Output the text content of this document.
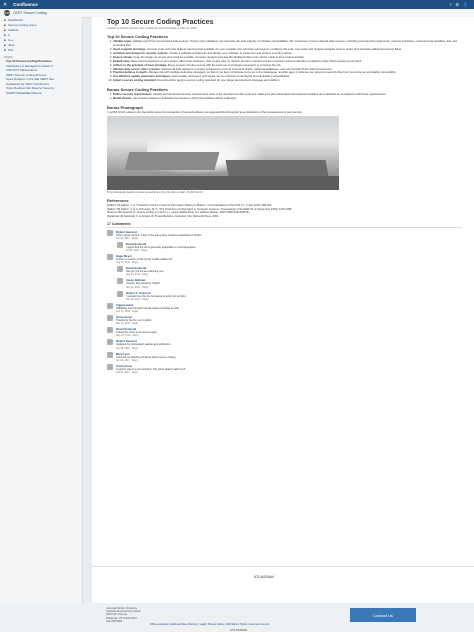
✕ Confluence	? ⚙ 👤
CERT CERT Secure Coding
■ Dashboard
■ Secure Coding Home
■ Android
■ C
■ C++
■ Java
■ Perl
PAGES
Top 10 Secure Coding Practices
Verification of Managed to Native C
CSP-POT Maintenance
CERT Secure Coding Process
Open Redirect in the SEI CERT Sec
Guidelines for WIKI Contributors
Open Redirect SEI Data for Security
SCRIPTING/EMail Manual
Top 10 Secure Coding Practices
Created by Robert Seacord, last modified by David Svoboda on May 02, 2018
Top 10 Secure Coding Practices
1. Validate input. Validate input from all untrusted data sources. Proper input validation can eliminate the vast majority of software vulnerabilities. Be suspicious of most external data sources, including command line arguments, network interfaces, environmental variables, and user controlled files.
2. Heed compiler warnings. Compile code using the highest warning level available for your compiler and eliminate warnings by modifying the code. Use static and dynamic analysis tools to detect and eliminate additional security flaws.
3. Architect and design for security policies. Create a software architecture and design your software to implement and enforce security policies.
4. Keep it simple. Keep the design as simple and small as possible. Complex designs increase the likelihood that errors will be made in their implementation.
5. Default deny. Base access decisions on permission rather than exclusion. This means that, by default, access is denied and the protection scheme identifies conditions under which access is permitted.
6. Adhere to the principle of least privilege. Every process should execute with the least set of privileges necessary to complete the job.
7. Sanitize data sent to other systems. Sanitize all data passed to complex subsystems such as command shells, relational databases, and commercial off-the-shelf components.
8. Practice defense in depth. Manage risk with multiple defensive strategies, so that if one layer of defense turns out to be inadequate, another layer of defense can prevent a security flaw from becoming an exploitable vulnerability.
9. Use effective quality assurance techniques. Good quality assurance techniques can be effective in identifying and eliminating vulnerabilities.
10. Adopt a secure coding standard. Develop and/or apply a secure coding standard for your target development language and platform.
Bonus Secure Coding Practices
1. Define security requirements. Identify and document security requirements early in the development life cycle and make sure that subsequent development artifacts are evaluated for compliance with those requirements.
2. Model threats. Use threat modeling to anticipate the threats to which the software will be subjected.
Bonus Photograph
I met Bill Tyrrell, a lawyer who has written about the intersection of law and software. He suggested this photograph as an illustration of the consequences of poor security.
This photograph depicts a street somewhere in the city after a crash. CC-BY-SA 3.0
References

[Saltzer 74] Saltzer, J. H. "Protection and the Control of Information Sharing in Multics." Communications of the ACM 17, 7 (July 1974): 388-402.

[Saltzer 75] Saltzer, J. H. & Schroeder, M. D. "The Protection of Information in Computer Systems." Proceedings of the IEEE 63, 9 (September 1975): 1278-1308.

[Seacord 05] Seacord, R. Secure Coding in C and C++. Upper Saddle River, NJ: Addison-Wesley, 2006 (ISBN 0321335724).

[Swiderski 04] Swiderski, F. & Snyder, W. Threat Modeling. Redmond, WA: Microsoft Press, 2004.

17 Comments
Robert Seacord
This is great content. A few of the items here could be expanded on further.
Jun 03, 2010 · Reply
David Svoboda
I agree that the list is generally applicable to most languages.
Jul 06, 2010 · Reply
Hugo Meyer
Is there a version of this list for mobile platforms?
Aug 12, 2011 · Reply
David Svoboda
Not yet, but we are planning one.
Aug 15, 2011 · Reply
Aaron Ballman
Thanks, that would be helpful.
Sep 01, 2011 · Reply
Robert C. Seacord
I wonder how this list compares to other top ten lists.
Nov 20, 2011 · Reply
Viggassiulmi
Validating input should include output encoding as well.
Feb 14, 2013 · Reply
Anonymous
Thanks for the list, very helpful.
Mar 10, 2014 · Reply
David Svoboda
Linked the photo to its source page.
May 22, 2014 · Reply
Robert Seacord
Updated the photograph caption and attribution.
Jan 08, 2016 · Reply
Mary Lynn
Great list for teaching students about secure coding.
Apr 02, 2017 · Reply
Anonymous
A person was in a car accident. The photo doesn't add much.
Oct 30, 2017 · Reply
ATLASSIAN
Carnegie Mellon University
Software Engineering Institute
4500 Fifth Avenue
Pittsburgh, PA 15213-2612
412-268-5800
Contact Us
Office Locations | Additional Sites Directory | Legal | Privacy Notice | CMU Ethics Hotline | www.sei.cmu.edu
ATLASSIAN
